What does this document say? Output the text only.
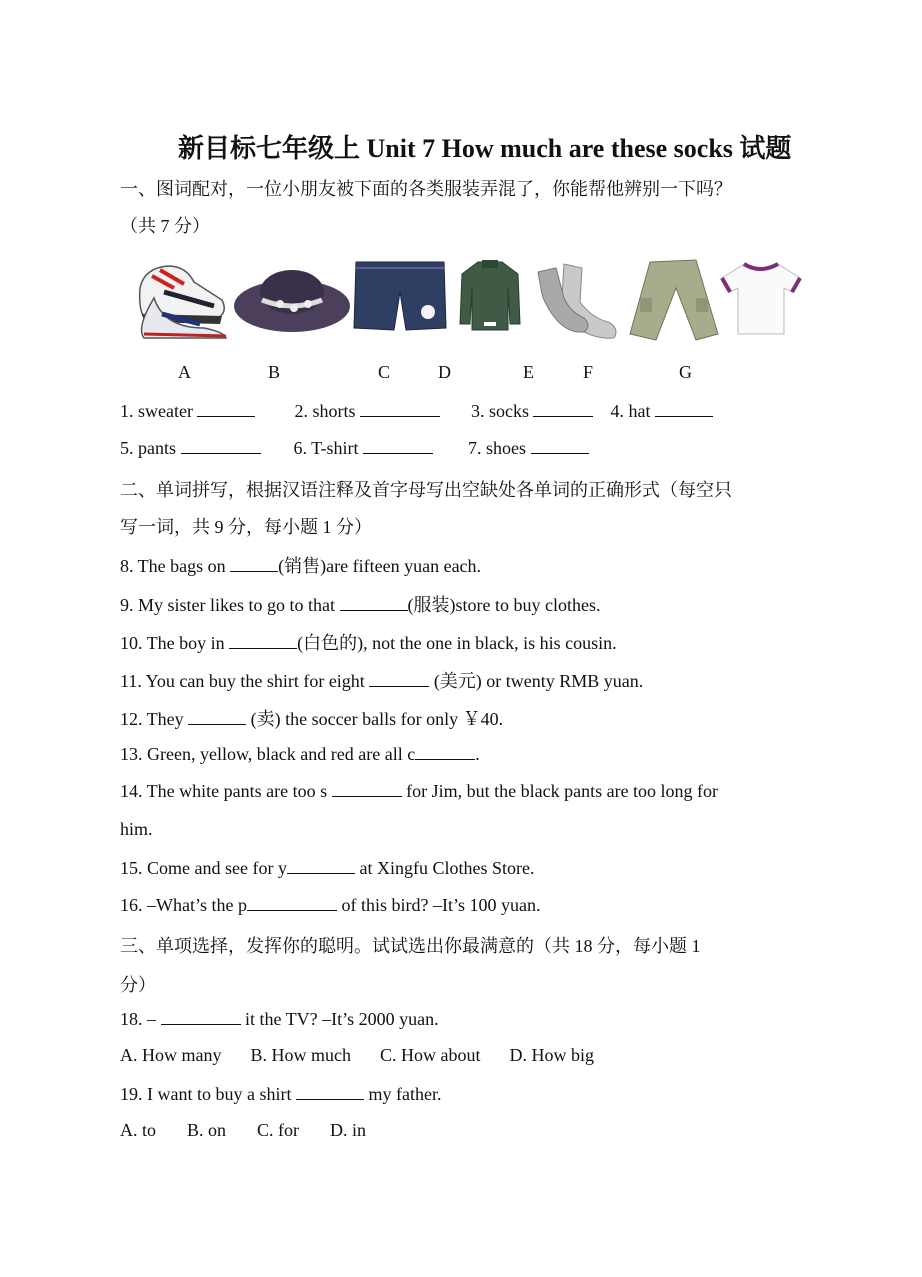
新目标七年级上 Unit 7 How much are these socks 试题
一、图词配对，一位小朋友被下面的各类服装弄混了，你能帮他辨别一下吗？
（共 7 分）
A	B	C	D	E	F	G
1. sweater	2. shorts	3. socks	4. hat
5. pants	6. T-shirt	7. shoes
二、单词拼写，根据汉语注释及首字母写出空缺处各单词的正确形式（每空只
写一词，共 9 分，每小题 1 分）
8. The bags on	(销售)are fifteen yuan each.
9. My sister likes to go to that	(服装)store to buy clothes.
10. The boy in	(白色的), not the one in black, is his cousin.
11. You can buy the shirt for eight	(美元) or twenty RMB yuan.
12. They	(卖) the soccer balls for only ￥40.
13. Green, yellow, black and red are all c	.
14. The white pants are too s	for Jim, but the black pants are too long for
him.
15. Come and see for y	at Xingfu Clothes Store.
16. –What’s the p	of this bird? –It’s 100 yuan.
三、单项选择，发挥你的聪明。试试选出你最满意的（共 18 分，每小题 1
分）
18. –	it the TV? –It’s 2000 yuan.
A. How many B. How much C. How about D. How big
19. I want to buy a shirt	my father.
A. to B. on C. for D. in
